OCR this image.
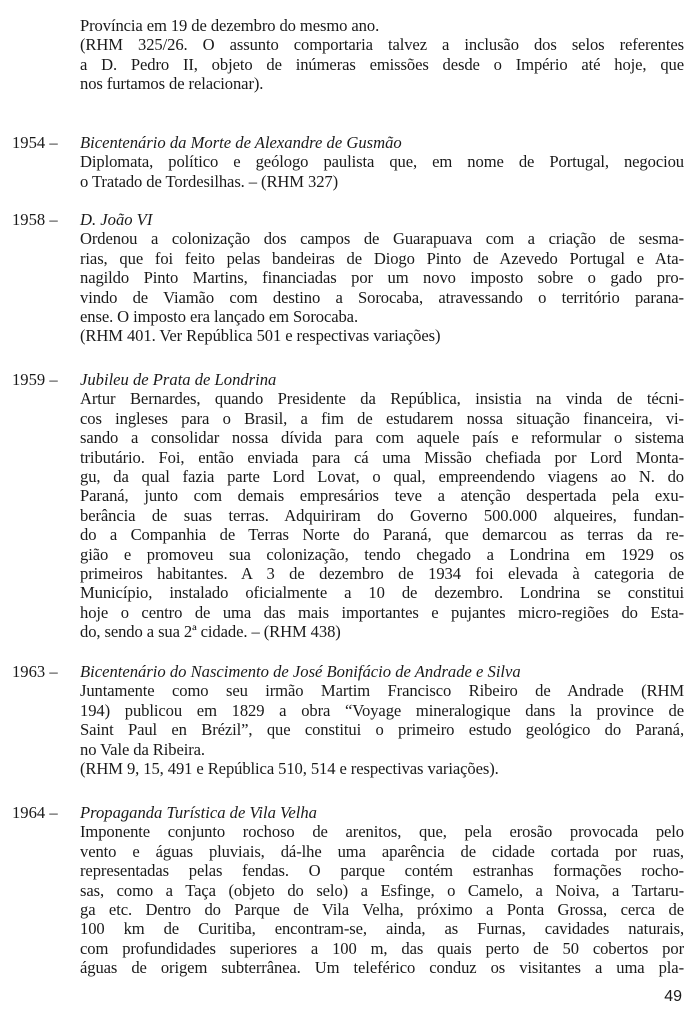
Província em 19 de dezembro do mesmo ano.
(RHM 325/26. O assunto comportaria talvez a inclusão dos selos referentes
a D. Pedro II, objeto de inúmeras emissões desde o Império até hoje, que
nos furtamos de relacionar).
1954 – Bicentenário da Morte de Alexandre de Gusmão
Diplomata, político e geólogo paulista que, em nome de Portugal, negociou
o Tratado de Tordesilhas. – (RHM 327)
1958 – D. João VI
Ordenou a colonização dos campos de Guarapuava com a criação de sesma-
rias, que foi feito pelas bandeiras de Diogo Pinto de Azevedo Portugal e Ata-
nagildo Pinto Martins, financiadas por um novo imposto sobre o gado pro-
vindo de Viamão com destino a Sorocaba, atravessando o território parana-
ense. O imposto era lançado em Sorocaba.
(RHM 401. Ver República 501 e respectivas variações)
1959 – Jubileu de Prata de Londrina
Artur Bernardes, quando Presidente da República, insistia na vinda de técni-
cos ingleses para o Brasil, a fim de estudarem nossa situação financeira, vi-
sando a consolidar nossa dívida para com aquele país e reformular o sistema
tributário. Foi, então enviada para cá uma Missão chefiada por Lord Monta-
gu, da qual fazia parte Lord Lovat, o qual, empreendendo viagens ao N. do
Paraná, junto com demais empresários teve a atenção despertada pela exu-
berância de suas terras. Adquiriram do Governo 500.000 alqueires, fundan-
do a Companhia de Terras Norte do Paraná, que demarcou as terras da re-
gião e promoveu sua colonização, tendo chegado a Londrina em 1929 os
primeiros habitantes. A 3 de dezembro de 1934 foi elevada à categoria de
Município, instalado oficialmente a 10 de dezembro. Londrina se constitui
hoje o centro de uma das mais importantes e pujantes micro-regiões do Esta-
do, sendo a sua 2ª cidade. – (RHM 438)
1963 – Bicentenário do Nascimento de José Bonifácio de Andrade e Silva
Juntamente como seu irmão Martim Francisco Ribeiro de Andrade (RHM
194) publicou em 1829 a obra “Voyage mineralogique dans la province de
Saint Paul en Brézil”, que constitui o primeiro estudo geológico do Paraná,
no Vale da Ribeira.
(RHM 9, 15, 491 e República 510, 514 e respectivas variações).
1964 – Propaganda Turística de Vila Velha
Imponente conjunto rochoso de arenitos, que, pela erosão provocada pelo
vento e águas pluviais, dá-lhe uma aparência de cidade cortada por ruas,
representadas pelas fendas. O parque contém estranhas formações rocho-
sas, como a Taça (objeto do selo) a Esfinge, o Camelo, a Noiva, a Tartaru-
ga etc. Dentro do Parque de Vila Velha, próximo a Ponta Grossa, cerca de
100 km de Curitiba, encontram-se, ainda, as Furnas, cavidades naturais,
com profundidades superiores a 100 m, das quais perto de 50 cobertos por
águas de origem subterrânea. Um teleférico conduz os visitantes a uma pla-
49
